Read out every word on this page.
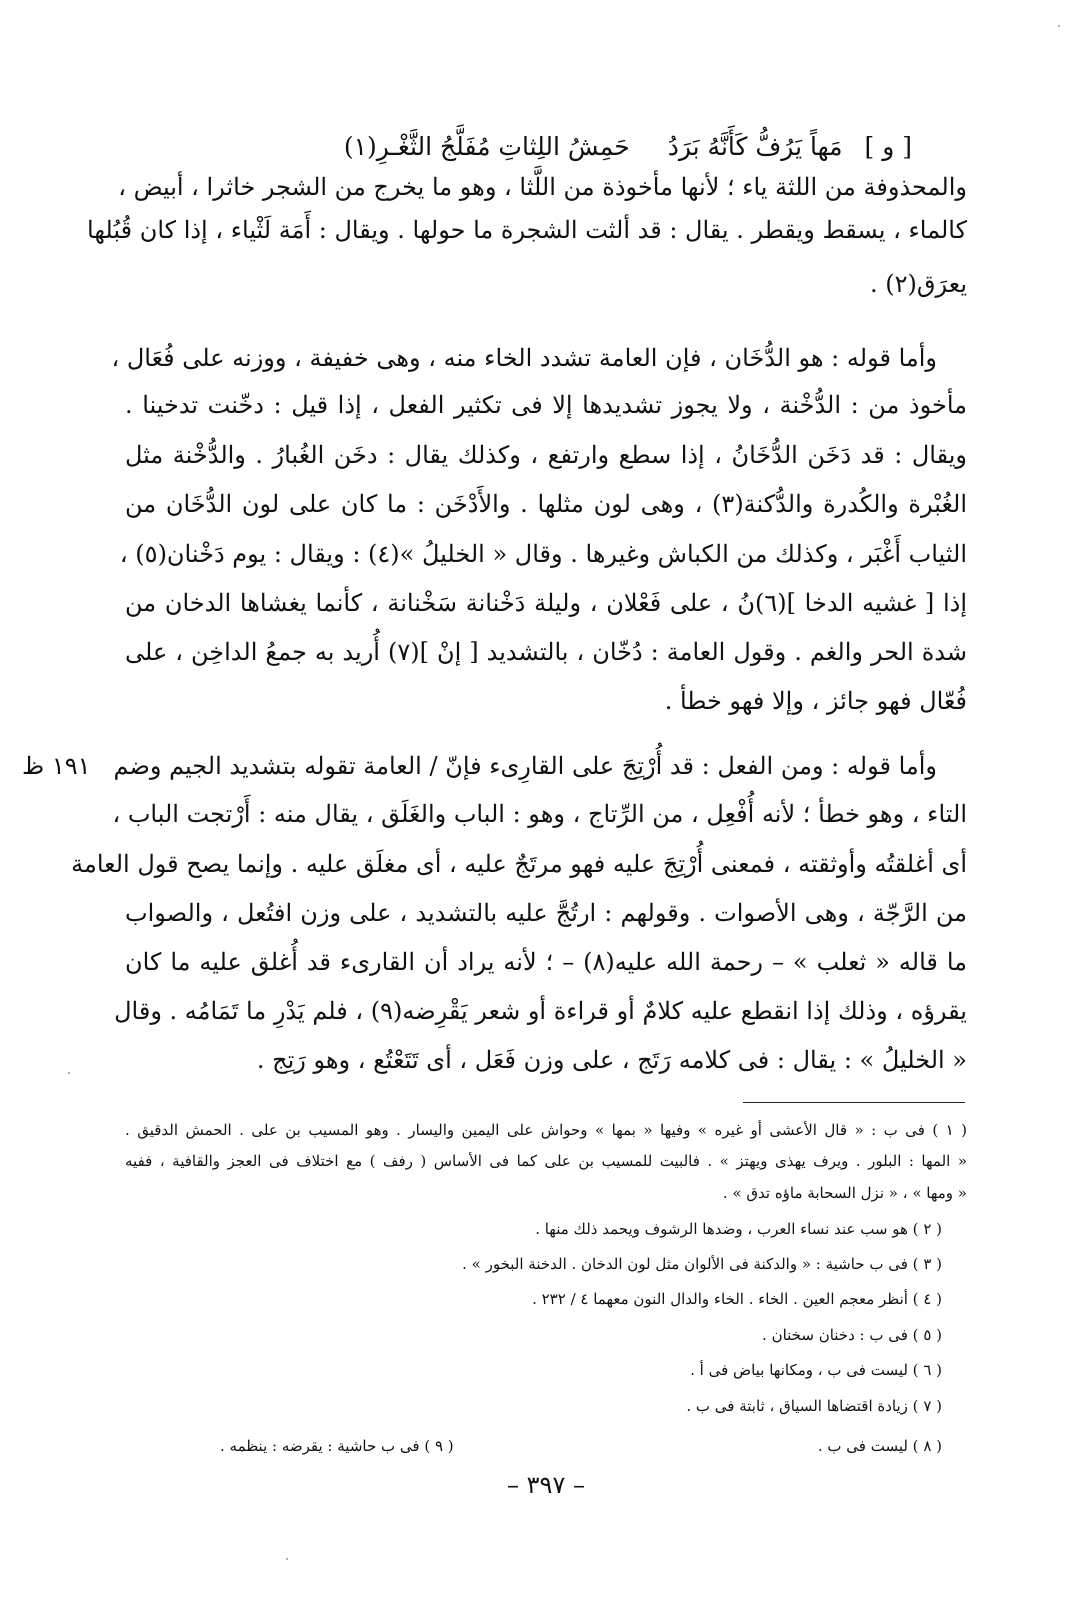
[ و ]
مَهاً يَرُفُّ كَأَنَّهُ بَرَدُ
حَمِشُ اللِثاتِ مُفَلَّجُ الثَّغْـرِ(١)
والمحذوفة من اللثة ياء ؛ لأنها مأخوذة من اللَّثا ، وهو ما يخرج من الشجر خاثرا ، أبيض ،
كالماء ، يسقط ويقطر . يقال : قد ألثت الشجرة ما حولها . ويقال : أَمَة لَثْياء ، إذا كان قُبُلها
يعرَق(٢) .
وأما قوله : هو الدُّخَان ، فإن العامة تشدد الخاء منه ، وهى خفيفة ، ووزنه على فُعَال ،
مأخوذ من : الدُّخْنة ، ولا يجوز تشديدها إلا فى تكثير الفعل ، إذا قيل : دخّنت تدخينا .
ويقال : قد دَخَن الدُّخَانُ ، إذا سطع وارتفع ، وكذلك يقال : دخَن الغُبارُ . والدُّخْنة مثل
الغُبْرة والكُدرة والدُّكنة(٣) ، وهى لون مثلها . والأَدْخَن : ما كان على لون الدُّخَان من
الثياب أَغْبَر ، وكذلك من الكباش وغيرها . وقال « الخليلُ »(٤) : ويقال : يوم دَخْنان(٥) ،
إذا [ غشيه الدخا ](٦)نُ ، على فَعْلان ، وليلة دَخْنانة سَخْنانة ، كأنما يغشاها الدخان من
شدة الحر والغم . وقول العامة : دُخّان ، بالتشديد [ إنْ ](٧) أُريد به جمعُ الداخِن ، على
فُعّال فهو جائز ، وإلا فهو خطأ .
وأما قوله : ومن الفعل : قد أُرْتِجَ على القارِىء فإنّ / العامة تقوله بتشديد الجيم وضم
١٩١ ظ
التاء ، وهو خطأ ؛ لأنه أُفْعِل ، من الرِّتاج ، وهو : الباب والغَلَق ، يقال منه : أَرْتجت الباب ،
أى أغلقتُه وأوثقته ، فمعنى أُرْتِجَ عليه فهو مرتَجٌ عليه ، أى مغلَق عليه . وإنما يصح قول العامة
من الرَّجّة ، وهى الأصوات . وقولهم : ارتُجَّ عليه بالتشديد ، على وزن افتُعل ، والصواب
ما قاله « ثعلب » – رحمة الله عليه(٨) – ؛ لأنه يراد أن القارىء قد أُغلق عليه ما كان
يقرؤه ، وذلك إذا انقطع عليه كلامٌ أو قراءة أو شعر يَقْرِضه(٩) ، فلم يَدْرِ ما تَمَامُه . وقال
« الخليلُ » : يقال : فى كلامه رَتَج ، على وزن فَعَل ، أى تَتَعْتُع ، وهو رَتِج .
( ١ ) فى ب : « قال الأعشى أو غيره » وفيها « بمها » وحواش على اليمين واليسار . وهو المسيب بن على . الحمش الدقيق .
« المها : البلور . ويرف يهذى ويهتز » . فالبيت للمسيب بن على كما فى الأساس ( رفف ) مع اختلاف فى العجز والقافية ، ففيه
« ومها » ، « نزل السحابة ماؤه تدق » .
( ٢ ) هو سب عند نساء العرب ، وضدها الرشوف ويحمد ذلك منها .
( ٣ ) فى ب حاشية : « والدكنة فى الألوان مثل لون الدخان . الدخنة البخور » .
( ٤ ) أنظر معجم العين . الخاء . الخاء والدال النون معهما ٤ / ٢٣٢ .
( ٥ ) فى ب : دخنان سخنان .
( ٦ ) ليست فى ب ، ومكانها بياض فى أ .
( ٧ ) زيادة اقتضاها السياق ، ثابتة فى ب .
( ٨ ) ليست فى ب .
( ٩ ) فى ب حاشية : يقرضه : ينظمه .
– ٣٩٧ –
